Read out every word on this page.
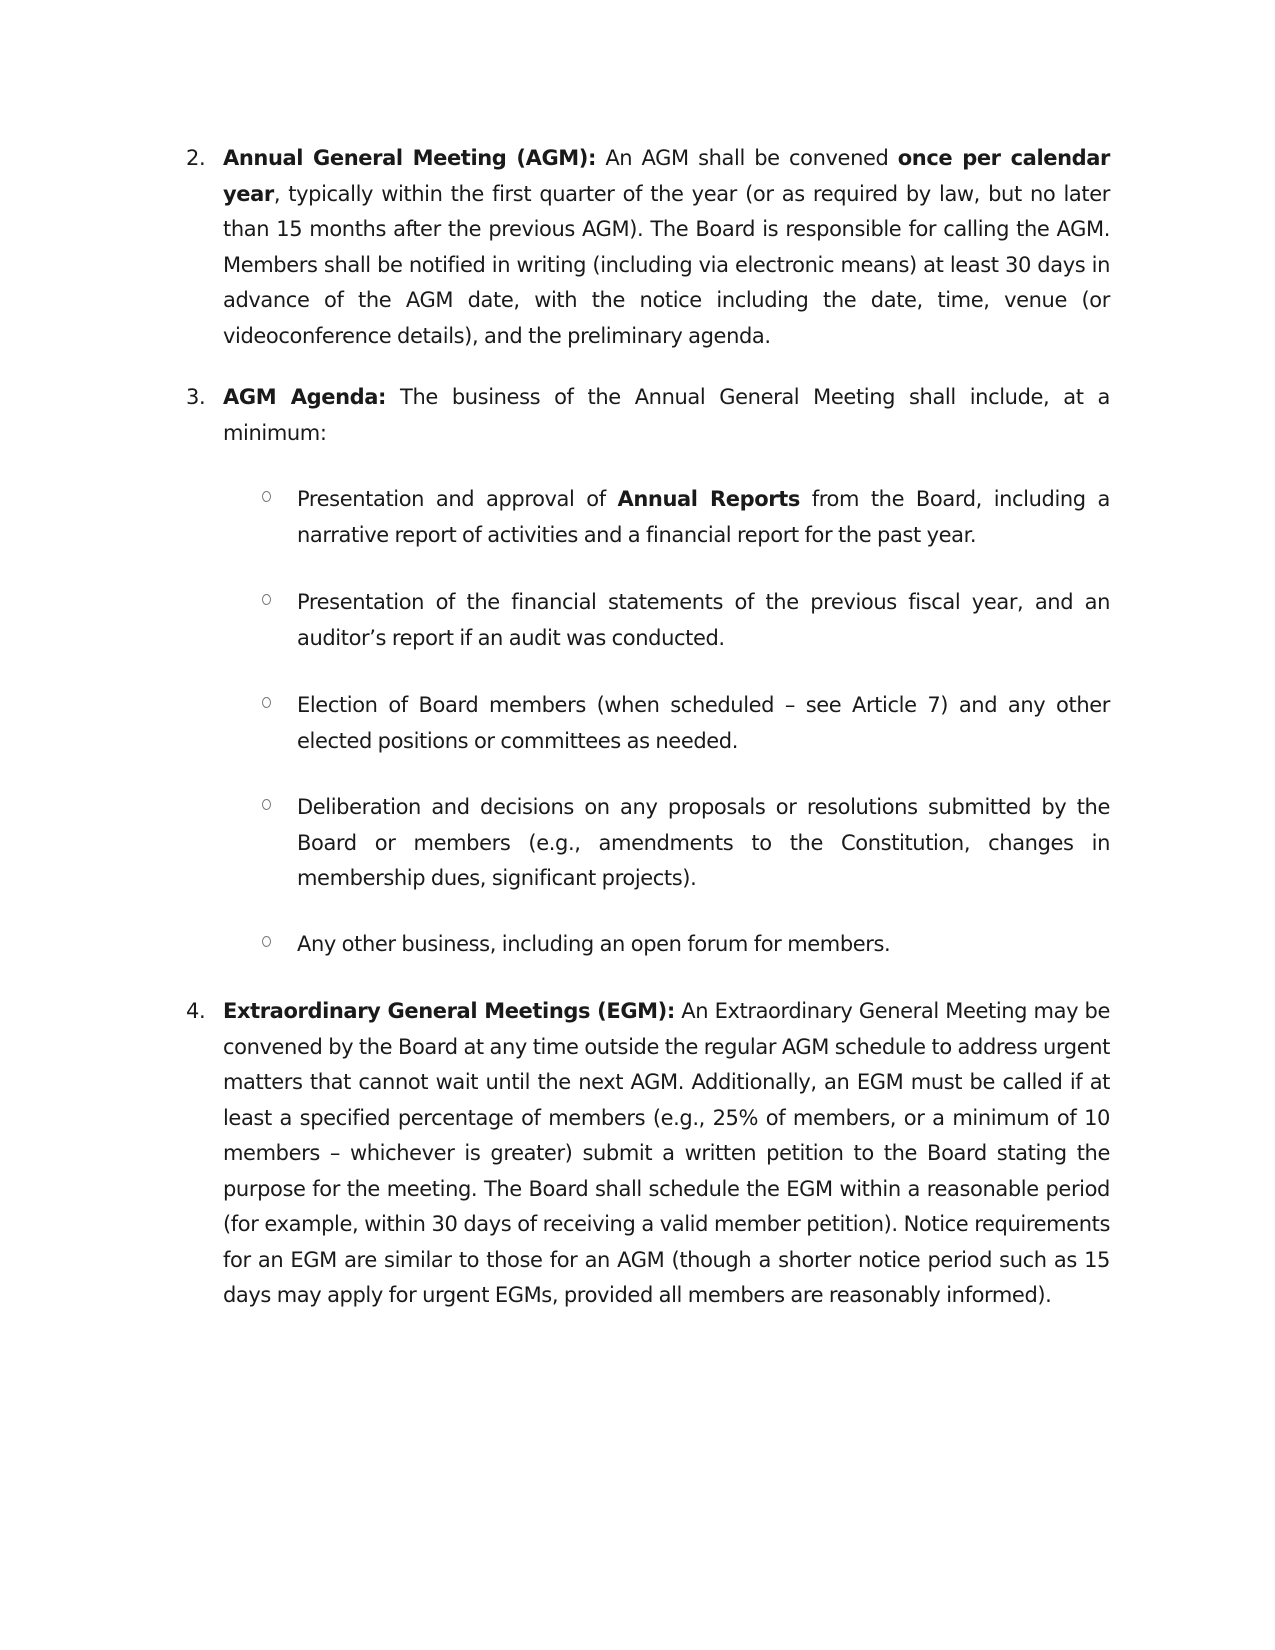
2. Annual General Meeting (AGM): An AGM shall be convened once per calendar year, typically within the first quarter of the year (or as required by law, but no later than 15 months after the previous AGM). The Board is responsible for calling the AGM. Members shall be notified in writing (including via electronic means) at least 30 days in advance of the AGM date, with the notice including the date, time, venue (or videoconference details), and the preliminary agenda.

3. AGM Agenda: The business of the Annual General Meeting shall include, at a minimum:

Presentation and approval of Annual Reports from the Board, including a narrative report of activities and a financial report for the past year.

Presentation of the financial statements of the previous fiscal year, and an auditor’s report if an audit was conducted.

Election of Board members (when scheduled – see Article 7) and any other elected positions or committees as needed.

Deliberation and decisions on any proposals or resolutions submitted by the Board or members (e.g., amendments to the Constitution, changes in membership dues, significant projects).

Any other business, including an open forum for members.

4. Extraordinary General Meetings (EGM): An Extraordinary General Meeting may be convened by the Board at any time outside the regular AGM schedule to address urgent matters that cannot wait until the next AGM. Additionally, an EGM must be called if at least a specified percentage of members (e.g., 25% of members, or a minimum of 10 members – whichever is greater) submit a written petition to the Board stating the purpose for the meeting. The Board shall schedule the EGM within a reasonable period (for example, within 30 days of receiving a valid member petition). Notice requirements for an EGM are similar to those for an AGM (though a shorter notice period such as 15 days may apply for urgent EGMs, provided all members are reasonably informed).
